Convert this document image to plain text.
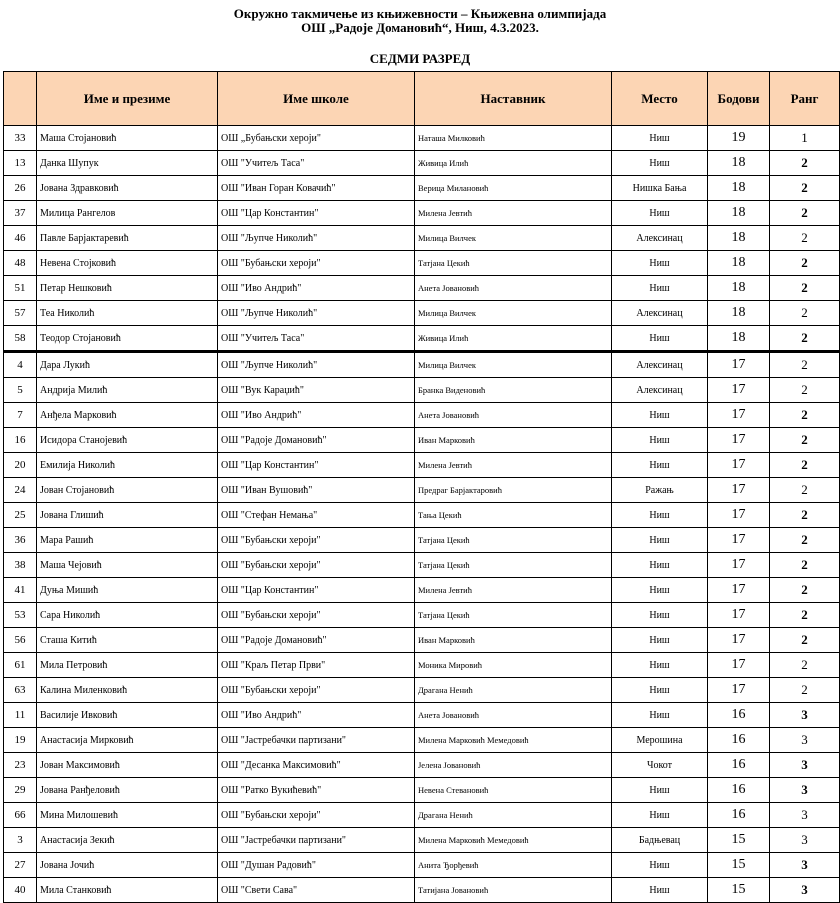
Окружно такмичење из књижевности – Књижевна олимпијада
ОШ „Радоје Домановић“, Ниш, 4.3.2023.
СЕДМИ РАЗРЕД
	Име и презиме	Име школе	Наставник	Место	Бодови	Ранг
33	Маша Стојановић	ОШ „Бубањски хероји"	Наташа Милковић	Ниш	19	1
13	Данка Шупук	ОШ "Учитељ Таса"	Живица Илић	Ниш	18	2
26	Јована Здравковић	ОШ "Иван Горан Ковачић"	Верица Милановић	Нишка Бања	18	2
37	Милица Рангелов	ОШ "Цар Константин"	Милена Јевтић	Ниш	18	2
46	Павле Барјактаревић	ОШ "Љупче Николић"	Милица Вилчек	Алексинац	18	2
48	Невена Стојковић	ОШ "Бубањски хероји"	Татјана Цекић	Ниш	18	2
51	Петар Нешковић	ОШ "Иво Андрић"	Анета Јовановић	Ниш	18	2
57	Теа Николић	ОШ "Љупче Николић"	Милица Вилчек	Алексинац	18	2
58	Теодор Стојановић	ОШ "Учитељ Таса"	Живица Илић	Ниш	18	2
4	Дара Лукић	ОШ "Љупче Николић"	Милица Вилчек	Алексинац	17	2
5	Андрија Милић	ОШ "Вук Караџић"	Бранка Виденовић	Алексинац	17	2
7	Анђела Марковић	ОШ "Иво Андрић"	Анета Јовановић	Ниш	17	2
16	Исидора Станојевић	ОШ "Радоје Домановић"	Иван Марковић	Ниш	17	2
20	Емилија Николић	ОШ "Цар Константин"	Милена Јевтић	Ниш	17	2
24	Јован Стојановић	ОШ "Иван Вушовић"	Предраг Барјактаровић	Ражањ	17	2
25	Јована Глишић	ОШ "Стефан Немања"	Тања Цекић	Ниш	17	2
36	Мара Рашић	ОШ "Бубањски хероји"	Татјана Цекић	Ниш	17	2
38	Маша Чејовић	ОШ "Бубањски хероји"	Татјана Цекић	Ниш	17	2
41	Дуња Мишић	ОШ "Цар Константин"	Милена Јевтић	Ниш	17	2
53	Сара Николић	ОШ "Бубањски хероји"	Татјана Цекић	Ниш	17	2
56	Сташа Китић	ОШ "Радоје Домановић"	Иван Марковић	Ниш	17	2
61	Мила Петровић	ОШ "Краљ Петар Први"	Моника Мировић	Ниш	17	2
63	Калина Миленковић	ОШ "Бубањски хероји"	Драгана Ненић	Ниш	17	2
11	Василије Ивковић	ОШ "Иво Андрић"	Анета Јовановић	Ниш	16	3
19	Анастасија Мирковић	ОШ "Јастребачки партизани"	Милена Марковић Мемедовић	Мерошина	16	3
23	Јован Максимовић	ОШ "Десанка Максимовић"	Јелена Јовановић	Чокот	16	3
29	Јована Ранђеловић	ОШ "Ратко Вукићевић"	Невена Стевановић	Ниш	16	3
66	Мина Милошевић	ОШ "Бубањски хероји"	Драгана Ненић	Ниш	16	3
3	Анастасија Зекић	ОШ "Јастребачки партизани"	Милена Марковић Мемедовић	Бадњевац	15	3
27	Јована Јочић	ОШ "Душан Радовић"	Анита Ђорђевић	Ниш	15	3
40	Мила Станковић	ОШ "Свети Сава"	Татијана Јовановић	Ниш	15	3
